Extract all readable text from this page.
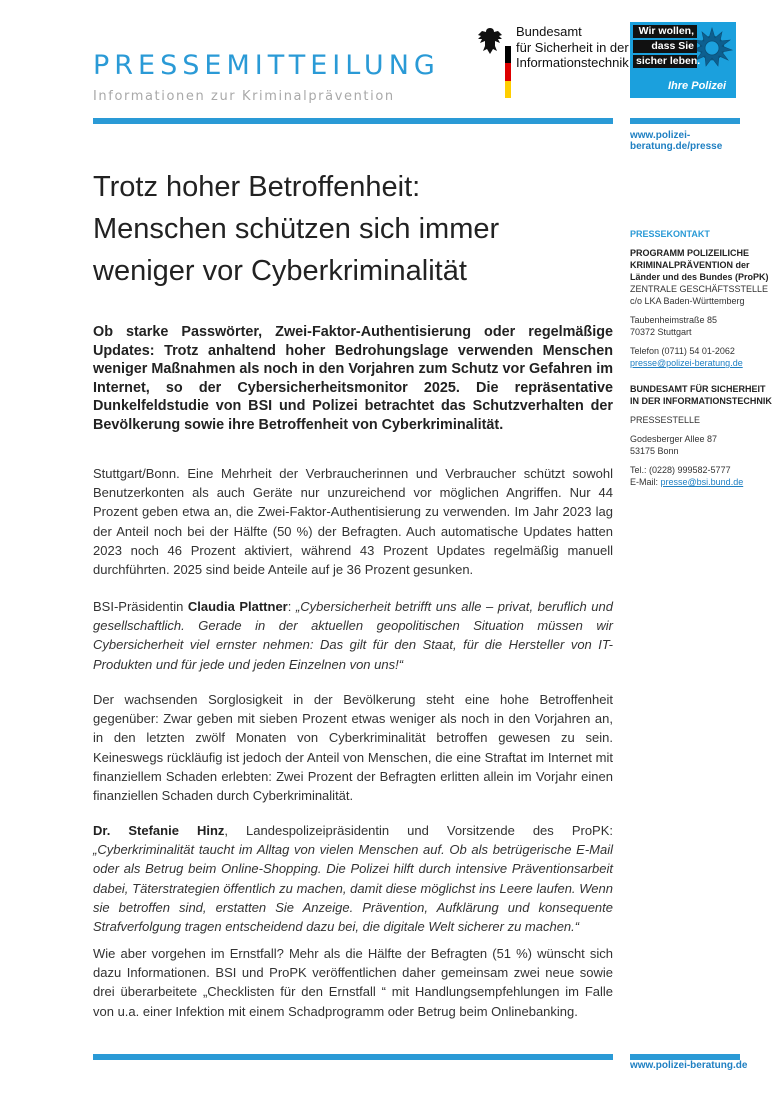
PRESSEMITTEILUNG
Informationen zur Kriminalprävention
Bundesamt
für Sicherheit in der
Informationstechnik
Wir wollen,
dass Sie
sicher leben.
Ihre Polizei
www.polizei-beratung.de/presse
Trotz hoher Betroffenheit:
Menschen schützen sich immer
weniger vor Cyberkriminalität
Ob starke Passwörter, Zwei-Faktor-Authentisierung oder regelmäßige Updates: Trotz anhaltend hoher Bedrohungslage verwenden Menschen weniger Maßnahmen als noch in den Vorjahren zum Schutz vor Gefahren im Internet, so der Cybersicherheitsmonitor 2025. Die repräsentative Dunkelfeldstudie von BSI und Polizei betrachtet das Schutzverhalten der Bevölkerung sowie ihre Betroffenheit von Cyberkriminalität.
Stuttgart/Bonn. Eine Mehrheit der Verbraucherinnen und Verbraucher schützt sowohl Benutzerkonten als auch Geräte nur unzureichend vor möglichen Angriffen. Nur 44 Prozent geben etwa an, die Zwei-Faktor-Authentisierung zu verwenden. Im Jahr 2023 lag der Anteil noch bei der Hälfte (50 %) der Befragten. Auch automatische Updates hatten 2023 noch 46 Prozent aktiviert, während 43 Prozent Updates regelmäßig manuell durchführten. 2025 sind beide Anteile auf je 36 Prozent gesunken.
BSI-Präsidentin Claudia Plattner: „Cybersicherheit betrifft uns alle – privat, beruflich und gesellschaftlich. Gerade in der aktuellen geopolitischen Situation müssen wir Cybersicherheit viel ernster nehmen: Das gilt für den Staat, für die Hersteller von IT-Produkten und für jede und jeden Einzelnen von uns!“
Der wachsenden Sorglosigkeit in der Bevölkerung steht eine hohe Betroffenheit gegenüber: Zwar geben mit sieben Prozent etwas weniger als noch in den Vorjahren an, in den letzten zwölf Monaten von Cyberkriminalität betroffen gewesen zu sein. Keineswegs rückläufig ist jedoch der Anteil von Menschen, die eine Straftat im Internet mit finanziellem Schaden erlebten: Zwei Prozent der Befragten erlitten allein im Vorjahr einen finanziellen Schaden durch Cyberkriminalität.
Dr. Stefanie Hinz, Landespolizeipräsidentin und Vorsitzende des ProPK: „Cyberkriminalität taucht im Alltag von vielen Menschen auf. Ob als betrügerische E-Mail oder als Betrug beim Online-Shopping. Die Polizei hilft durch intensive Präventionsarbeit dabei, Täterstrategien öffentlich zu machen, damit diese möglichst ins Leere laufen. Wenn sie betroffen sind, erstatten Sie Anzeige. Prävention, Aufklärung und konsequente Strafverfolgung tragen entscheidend dazu bei, die digitale Welt sicherer zu machen.“
Wie aber vorgehen im Ernstfall? Mehr als die Hälfte der Befragten (51 %) wünscht sich dazu Informationen. BSI und ProPK veröffentlichen daher gemeinsam zwei neue sowie drei überarbeitete „Checklisten für den Ernstfall “ mit Handlungsempfehlungen im Falle von u.a. einer Infektion mit einem Schadprogramm oder Betrug beim Onlinebanking.
PRESSEKONTAKT
PROGRAMM POLIZEILICHE KRIMINALPRÄVENTION der Länder und des Bundes (ProPK)
ZENTRALE GESCHÄFTSSTELLE
c/o LKA Baden-Württemberg
Taubenheimstraße 85
70372 Stuttgart
Telefon (0711) 54 01-2062
presse@polizei-beratung.de
BUNDESAMT FÜR SICHERHEIT IN DER INFORMATIONSTECHNIK
PRESSESTELLE
Godesberger Allee 87
53175 Bonn
Tel.: (0228) 999582-5777
E-Mail: presse@bsi.bund.de
www.polizei-beratung.de
